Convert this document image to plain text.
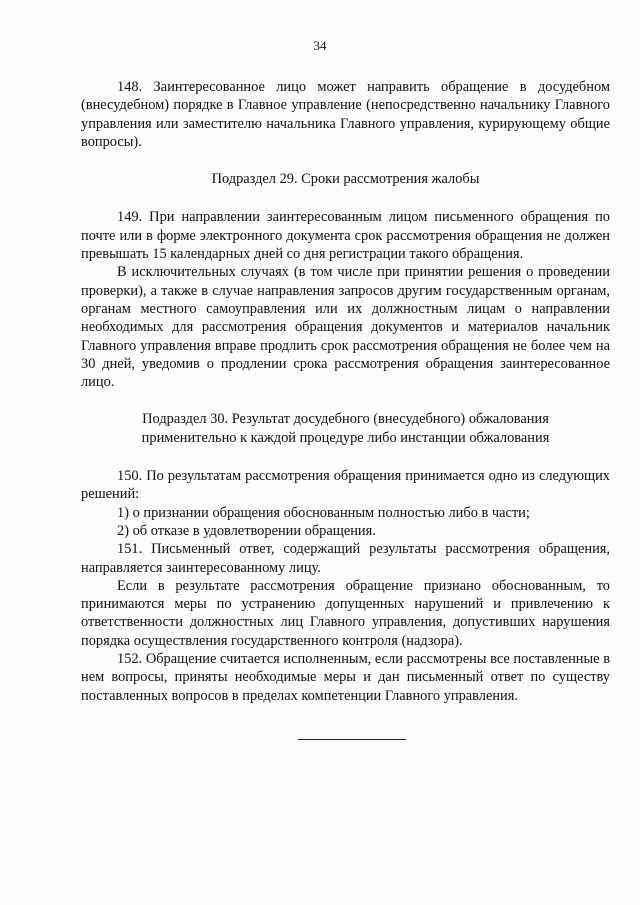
34

148. Заинтересованное лицо может направить обращение в досудебном (внесудебном) порядке в Главное управление (непосредственно начальнику Главного управления или заместителю начальника Главного управления, курирующему общие вопросы).

Подраздел 29. Сроки рассмотрения жалобы

149. При направлении заинтересованным лицом письменного обращения по почте или в форме электронного документа срок рассмотрения обращения не должен превышать 15 календарных дней со дня регистрации такого обращения.

В исключительных случаях (в том числе при принятии решения о проведении проверки), а также в случае направления запросов другим государственным органам, органам местного самоуправления или их должностным лицам о направлении необходимых для рассмотрения обращения документов и материалов начальник Главного управления вправе продлить срок рассмотрения обращения не более чем на 30 дней, уведомив о продлении срока рассмотрения обращения заинтересованное лицо.

Подраздел 30. Результат досудебного (внесудебного) обжалования

применительно к каждой процедуре либо инстанции обжалования

150. По результатам рассмотрения обращения принимается одно из следующих решений:

1) о признании обращения обоснованным полностью либо в части;

2) об отказе в удовлетворении обращения.

151. Письменный ответ, содержащий результаты рассмотрения обращения, направляется заинтересованному лицу.

Если в результате рассмотрения обращение признано обоснованным, то принимаются меры по устранению допущенных нарушений и привлечению к ответственности должностных лиц Главного управления, допустивших нарушения порядка осуществления государственного контроля (надзора).

152. Обращение считается исполненным, если рассмотрены все поставленные в нем вопросы, приняты необходимые меры и дан письменный ответ по существу поставленных вопросов в пределах компетенции Главного управления.
